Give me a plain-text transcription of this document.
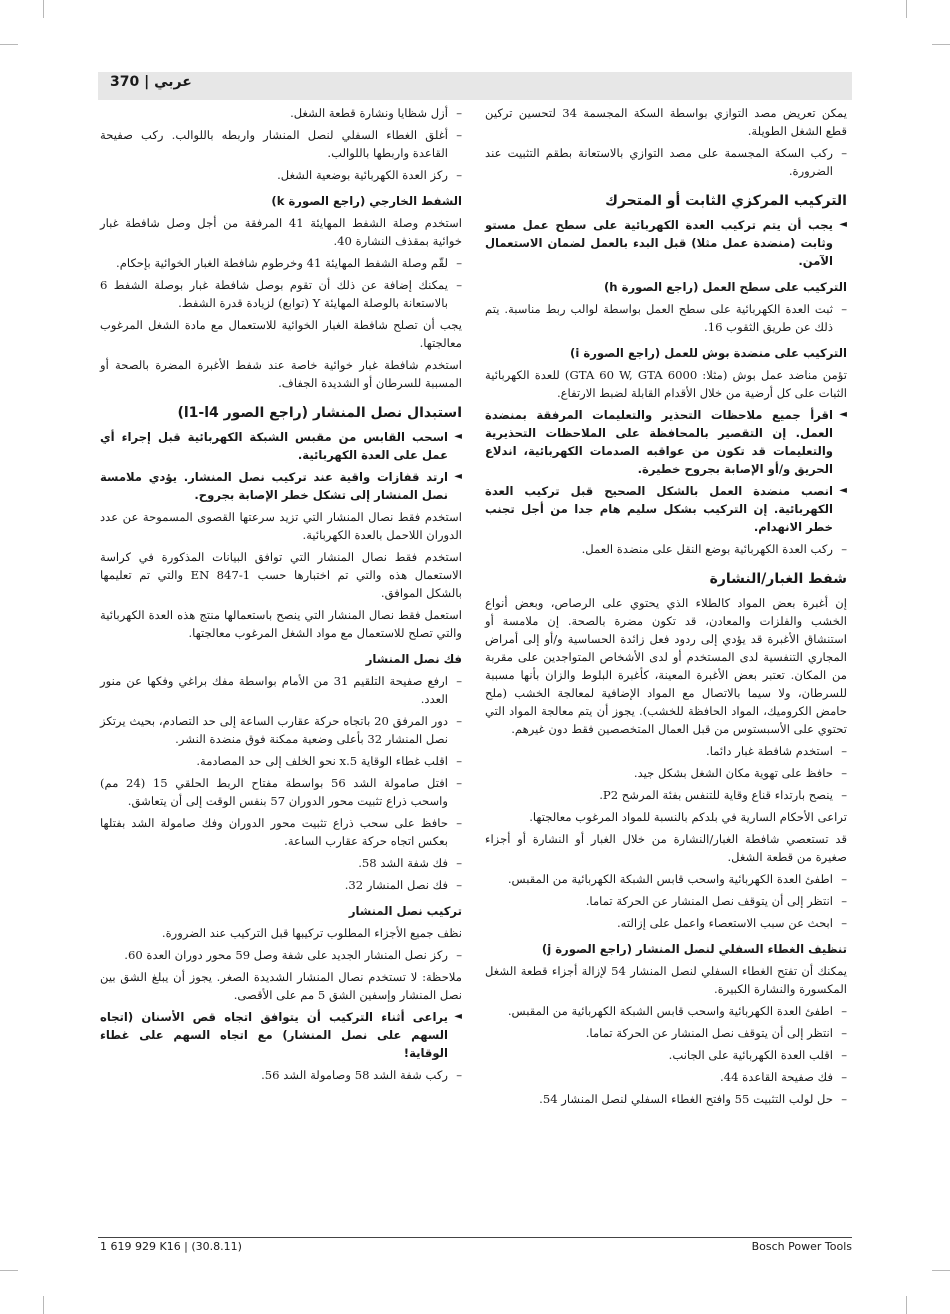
370 | عربي

يمكن تعريض مصد التوازي بواسطة السكة المجسمة 34 لتحسين تركين قطع الشغل الطويلة.

– ركب السكة المجسمة على مصد التوازي بالاستعانة بطقم التثبيت عند الضرورة.
التركيب المركزي الثابت أو المتحرك
◄ يجب أن يتم تركيب العدة الكهربائية على سطح عمل مستو وثابت (منضدة عمل مثلا) قبل البدء بالعمل لضمان الاستعمال الآمن.
التركيب على سطح العمل (راجع الصورة h)
– ثبت العدة الكهربائية على سطح العمل بواسطة لوالب ربط مناسبة. يتم ذلك عن طريق الثقوب 16.
التركيب على منضدة بوش للعمل (راجع الصورة i)

تؤمن مناضد عمل بوش (مثلا: GTA 60 W, GTA 6000) للعدة الكهربائية الثبات على كل أرضية من خلال الأقدام القابلة لضبط الارتفاع.

◄ اقرأ جميع ملاحظات التحذير والتعليمات المرفقة بمنضدة العمل. إن التقصير بالمحافظة على الملاحظات التحذيرية والتعليمات قد تكون من عواقبه الصدمات الكهربائية، اندلاع الحريق و/أو الإصابة بجروح خطيرة.
◄ انصب منضدة العمل بالشكل الصحيح قبل تركيب العدة الكهربائية. إن التركيب بشكل سليم هام جدا من أجل تجنب خطر الانهدام.
– ركب العدة الكهربائية بوضع النقل على منضدة العمل.
شفط الغبار/النشارة

إن أغبرة بعض المواد كالطلاء الذي يحتوي على الرصاص، وبعض أنواع الخشب والفلزات والمعادن، قد تكون مضرة بالصحة. إن ملامسة أو استنشاق الأغبرة قد يؤدي إلى ردود فعل زائدة الحساسية و/أو إلى أمراض المجاري التنفسية لدى المستخدم أو لدى الأشخاص المتواجدين على مقربة من المكان. تعتبر بعض الأغبرة المعينة، كأغبرة البلوط والزان بأنها مسببة للسرطان، ولا سيما بالاتصال مع المواد الإضافية لمعالجة الخشب (ملح حامض الكروميك، المواد الحافظة للخشب). يجوز أن يتم معالجة المواد التي تحتوي على الأسبستوس من قبل العمال المتخصصين فقط دون غيرهم.

– استخدم شافطة غبار دائما.
– حافظ على تهوية مكان الشغل بشكل جيد.
– ينصح بارتداء قناع وقاية للتنفس بفئة المرشح P2.

تراعى الأحكام السارية في بلدكم بالنسبة للمواد المرغوب معالجتها.

قد تستعصي شافطة الغبار/النشارة من خلال الغبار أو النشارة أو أجزاء صغيرة من قطعة الشغل.

– اطفئ العدة الكهربائية واسحب قابس الشبكة الكهربائية من المقبس.
– انتظر إلى أن يتوقف نصل المنشار عن الحركة تماما.
– ابحث عن سبب الاستعصاء واعمل على إزالته.
تنظيف الغطاء السفلي لنصل المنشار (راجع الصورة j)

يمكنك أن تفتح الغطاء السفلي لنصل المنشار 54 لإزالة أجزاء قطعة الشغل المكسورة والنشارة الكبيرة.

– اطفئ العدة الكهربائية واسحب قابس الشبكة الكهربائية من المقبس.
– انتظر إلى أن يتوقف نصل المنشار عن الحركة تماما.
– اقلب العدة الكهربائية على الجانب.
– فك صفيحة القاعدة 44.
– حل لولب التثبيت 55 وافتح الغطاء السفلي لنصل المنشار 54.
– أزل شظايا ونشارة قطعة الشغل.
– أغلق الغطاء السفلي لنصل المنشار واربطه باللوالب. ركب صفيحة القاعدة واربطها باللوالب.
– ركز العدة الكهربائية بوضعية الشغل.
الشفط الخارجي (راجع الصورة k)

استخدم وصلة الشفط المهايئة 41 المرفقة من أجل وصل شافطة غبار خوائية بمقذف النشارة 40.

– لقّم وصلة الشفط المهايئة 41 وخرطوم شافطة الغبار الخوائية بإحكام.
– يمكنك إضافة عن ذلك أن تقوم بوصل شافطة غبار بوصلة الشفط 6 بالاستعانة بالوصلة المهايئة Y (توابع) لزيادة قدرة الشفط.

يجب أن تصلح شافطة الغبار الخوائية للاستعمال مع مادة الشغل المرغوب معالجتها.

استخدم شافطة غبار خوائية خاصة عند شفط الأغبرة المضرة بالصحة أو المسببة للسرطان أو الشديدة الجفاف.

استبدال نصل المنشار (راجع الصور l1-l4)
◄ اسحب القابس من مقبس الشبكة الكهربائية قبل إجراء أي عمل على العدة الكهربائية.
◄ ارتد قفازات واقية عند تركيب نصل المنشار. يؤدي ملامسة نصل المنشار إلى تشكل خطر الإصابة بجروح.

استخدم فقط نصال المنشار التي تزيد سرعتها القصوى المسموحة عن عدد الدوران اللاحمل بالعدة الكهربائية.

استخدم فقط نصال المنشار التي توافق البيانات المذكورة في كراسة الاستعمال هذه والتي تم اختبارها حسب EN 847-1 والتي تم تعليمها بالشكل الموافق.

استعمل فقط نصال المنشار التي ينصح باستعمالها منتج هذه العدة الكهربائية والتي تصلح للاستعمال مع مواد الشغل المرغوب معالجتها.

فك نصل المنشار
– ارفع صفيحة التلقيم 31 من الأمام بواسطة مفك براغي وفكها عن منور العدد.
– دور المرفق 20 باتجاه حركة عقارب الساعة إلى حد التصادم، بحيث يرتكز نصل المنشار 32 بأعلى وضعية ممكنة فوق منضدة النشر.
– اقلب غطاء الوقاية 5.x نحو الخلف إلى حد المصادمة.
– افتل صامولة الشد 56 بواسطة مفتاح الربط الحلقي 15 (24 مم) واسحب ذراع تثبيت محور الدوران 57 بنفس الوقت إلى أن يتعاشق.
– حافظ على سحب ذراع تثبيت محور الدوران وفك صامولة الشد بفتلها بعكس اتجاه حركة عقارب الساعة.
– فك شفة الشد 58.
– فك نصل المنشار 32.
تركيب نصل المنشار

نظف جميع الأجزاء المطلوب تركيبها قبل التركيب عند الضرورة.

– ركز نصل المنشار الجديد على شفة وصل 59 محور دوران العدة 60.

ملاحظة: لا تستخدم نصال المنشار الشديدة الصغر. يجوز أن يبلغ الشق بين نصل المنشار وإسفين الشق 5 مم على الأقصى.

◄ يراعى أثناء التركيب أن يتوافق اتجاه قص الأسنان (اتجاه السهم على نصل المنشار) مع اتجاه السهم على غطاء الوقاية!
– ركب شفة الشد 58 وصامولة الشد 56.
1 619 929 K16 | (30.8.11)	Bosch Power Tools
